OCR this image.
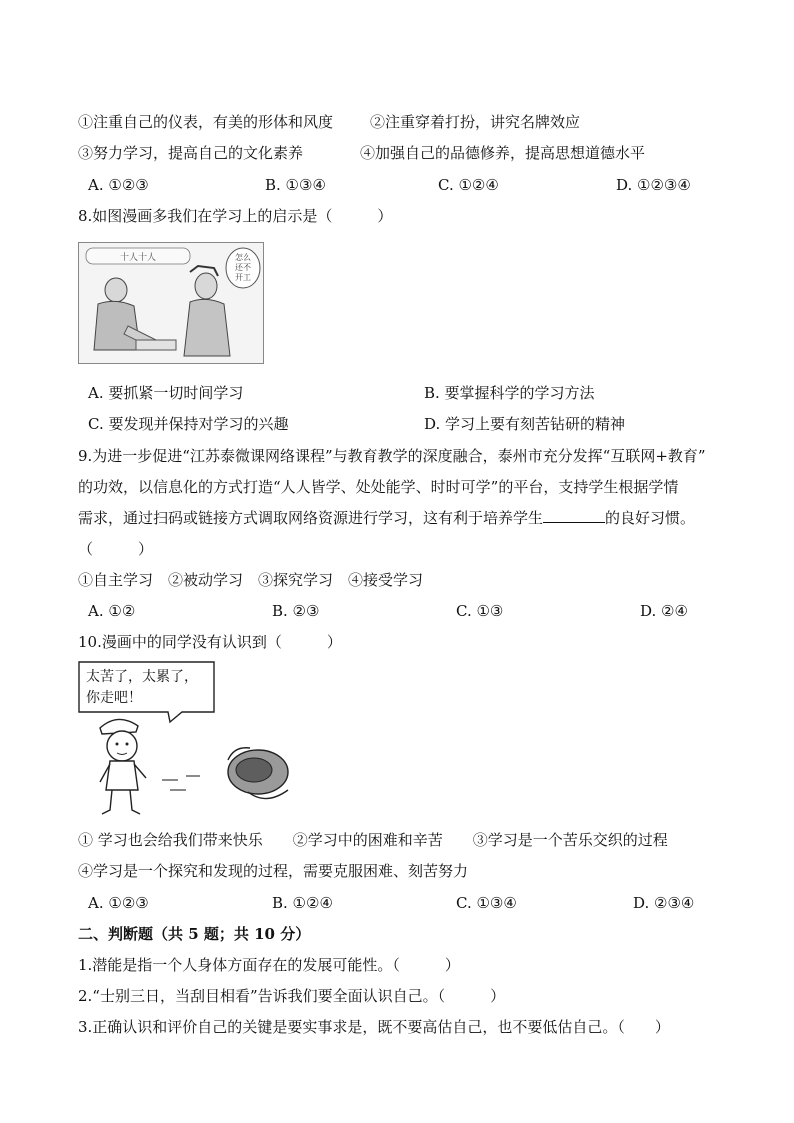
①注重自己的仪表，有美的形体和风度 ②注重穿着打扮，讲究名牌效应
③努力学习，提高自己的文化素养	④加强自己的品德修养，提高思想道德水平
A. ①②③	B. ①③④	C. ①②④	D. ①②③④
8.如图漫画多我们在学习上的启示是（　　　）
十人十人	怎么
还不
开工
A. 要抓紧一切时间学习	B. 要掌握科学的学习方法
C. 要发现并保持对学习的兴趣	D. 学习上要有刻苦钻研的精神
9.为进一步促进“江苏泰微课网络课程”与教育教学的深度融合，泰州市充分发挥“互联网+教育”
的功效，以信息化的方式打造“人人皆学、处处能学、时时可学”的平台，支持学生根据学情
需求，通过扫码或链接方式调取网络资源进行学习，这有利于培养学生	的良好习惯。
（　　　）
①自主学习　②被动学习　③探究学习　④接受学习
A. ①②	B. ②③	C. ①③	D. ②④
10.漫画中的同学没有认识到（　　　）
太苦了，太累了，
你走吧！
① 学习也会给我们带来快乐　　②学习中的困难和辛苦　　③学习是一个苦乐交织的过程
④学习是一个探究和发现的过程，需要克服困难、刻苦努力
A. ①②③	B. ①②④	C. ①③④	D. ②③④
二、判断题（共 5 题；共 10 分）
1.潜能是指一个人身体方面存在的发展可能性。（　　　）
2.“士别三日，当刮目相看”告诉我们要全面认识自己。（　　　）
3.正确认识和评价自己的关键是要实事求是，既不要高估自己，也不要低估自己。（　　）
